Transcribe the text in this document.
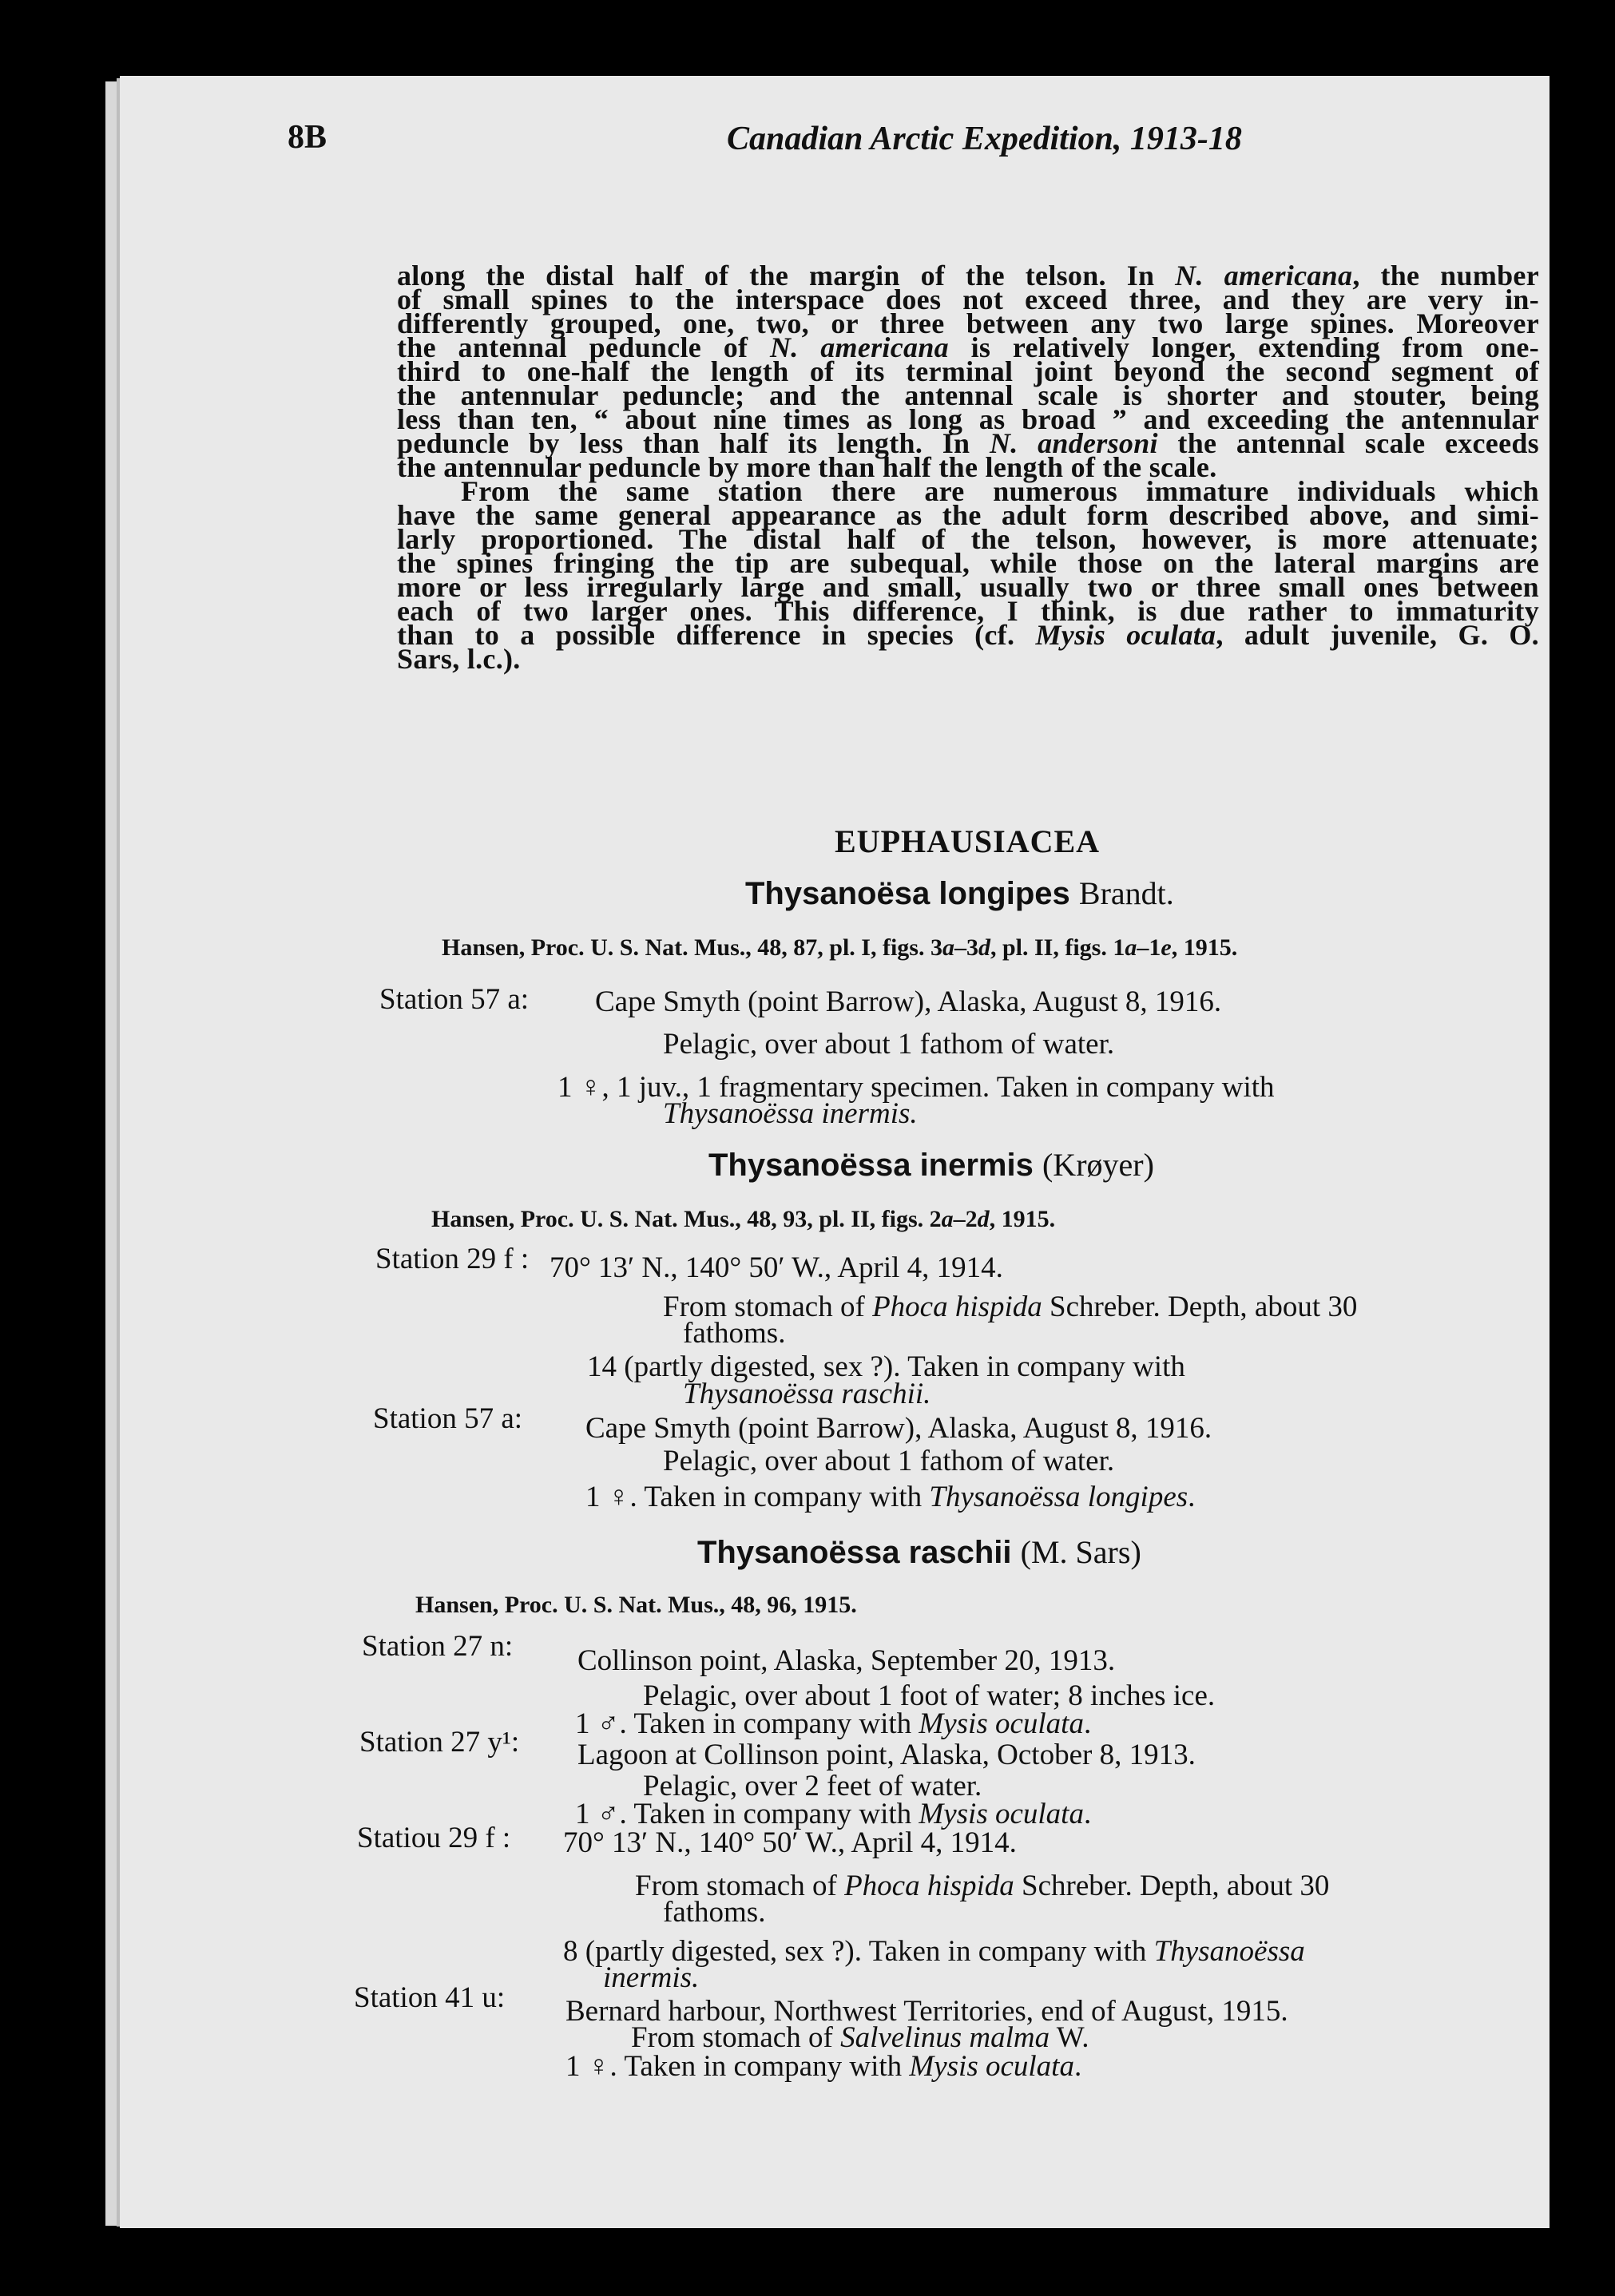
8B	Canadian Arctic Expedition, 1913-18
along the distal half of the margin of the telson. In N. americana, the number
of small spines to the interspace does not exceed three, and they are very in-
differently grouped, one, two, or three between any two large spines. Moreover
the antennal peduncle of N. americana is relatively longer, extending from one-
third to one-half the length of its terminal joint beyond the second segment of
the antennular peduncle; and the antennal scale is shorter and stouter, being
less than ten, “ about nine times as long as broad ” and exceeding the antennular
peduncle by less than half its length. In N. andersoni the antennal scale exceeds
the antennular peduncle by more than half the length of the scale.
From the same station there are numerous immature individuals which
have the same general appearance as the adult form described above, and simi-
larly proportioned. The distal half of the telson, however, is more attenuate;
the spines fringing the tip are subequal, while those on the lateral margins are
more or less irregularly large and small, usually two or three small ones between
each of two larger ones. This difference, I think, is due rather to immaturity
than to a possible difference in species (cf. Mysis oculata, adult juvenile, G. O.
Sars, l.c.).
EUPHAUSIACEA
Thysanoësa longipes Brandt.
Hansen, Proc. U. S. Nat. Mus., 48, 87, pl. I, figs. 3a–3d, pl. II, figs. 1a–1e, 1915.
Station 57 a: Cape Smyth (point Barrow), Alaska, August 8, 1916.
Pelagic, over about 1 fathom of water.
1 ♀, 1 juv., 1 fragmentary specimen. Taken in company with
Thysanoëssa inermis.
Thysanoëssa inermis (Krøyer)
Hansen, Proc. U. S. Nat. Mus., 48, 93, pl. II, figs. 2a–2d, 1915.
Station 29 f : 70° 13′ N., 140° 50′ W., April 4, 1914.
From stomach of Phoca hispida Schreber. Depth, about 30
fathoms.
14 (partly digested, sex ?). Taken in company with
Thysanoëssa raschii.
Station 57 a: Cape Smyth (point Barrow), Alaska, August 8, 1916.
Pelagic, over about 1 fathom of water.
1 ♀. Taken in company with Thysanoëssa longipes.
Thysanoëssa raschii (M. Sars)
Hansen, Proc. U. S. Nat. Mus., 48, 96, 1915.
Station 27 n: Collinson point, Alaska, September 20, 1913.
Pelagic, over about 1 foot of water; 8 inches ice.
1 ♂. Taken in company with Mysis oculata.
Station 27 y¹: Lagoon at Collinson point, Alaska, October 8, 1913.
Pelagic, over 2 feet of water.
1 ♂. Taken in company with Mysis oculata.
Statiou 29 f : 70° 13′ N., 140° 50′ W., April 4, 1914.
From stomach of Phoca hispida Schreber. Depth, about 30
fathoms.
8 (partly digested, sex ?). Taken in company with Thysanoëssa
inermis.
Station 41 u: Bernard harbour, Northwest Territories, end of August, 1915.
From stomach of Salvelinus malma W.
1 ♀. Taken in company with Mysis oculata.
